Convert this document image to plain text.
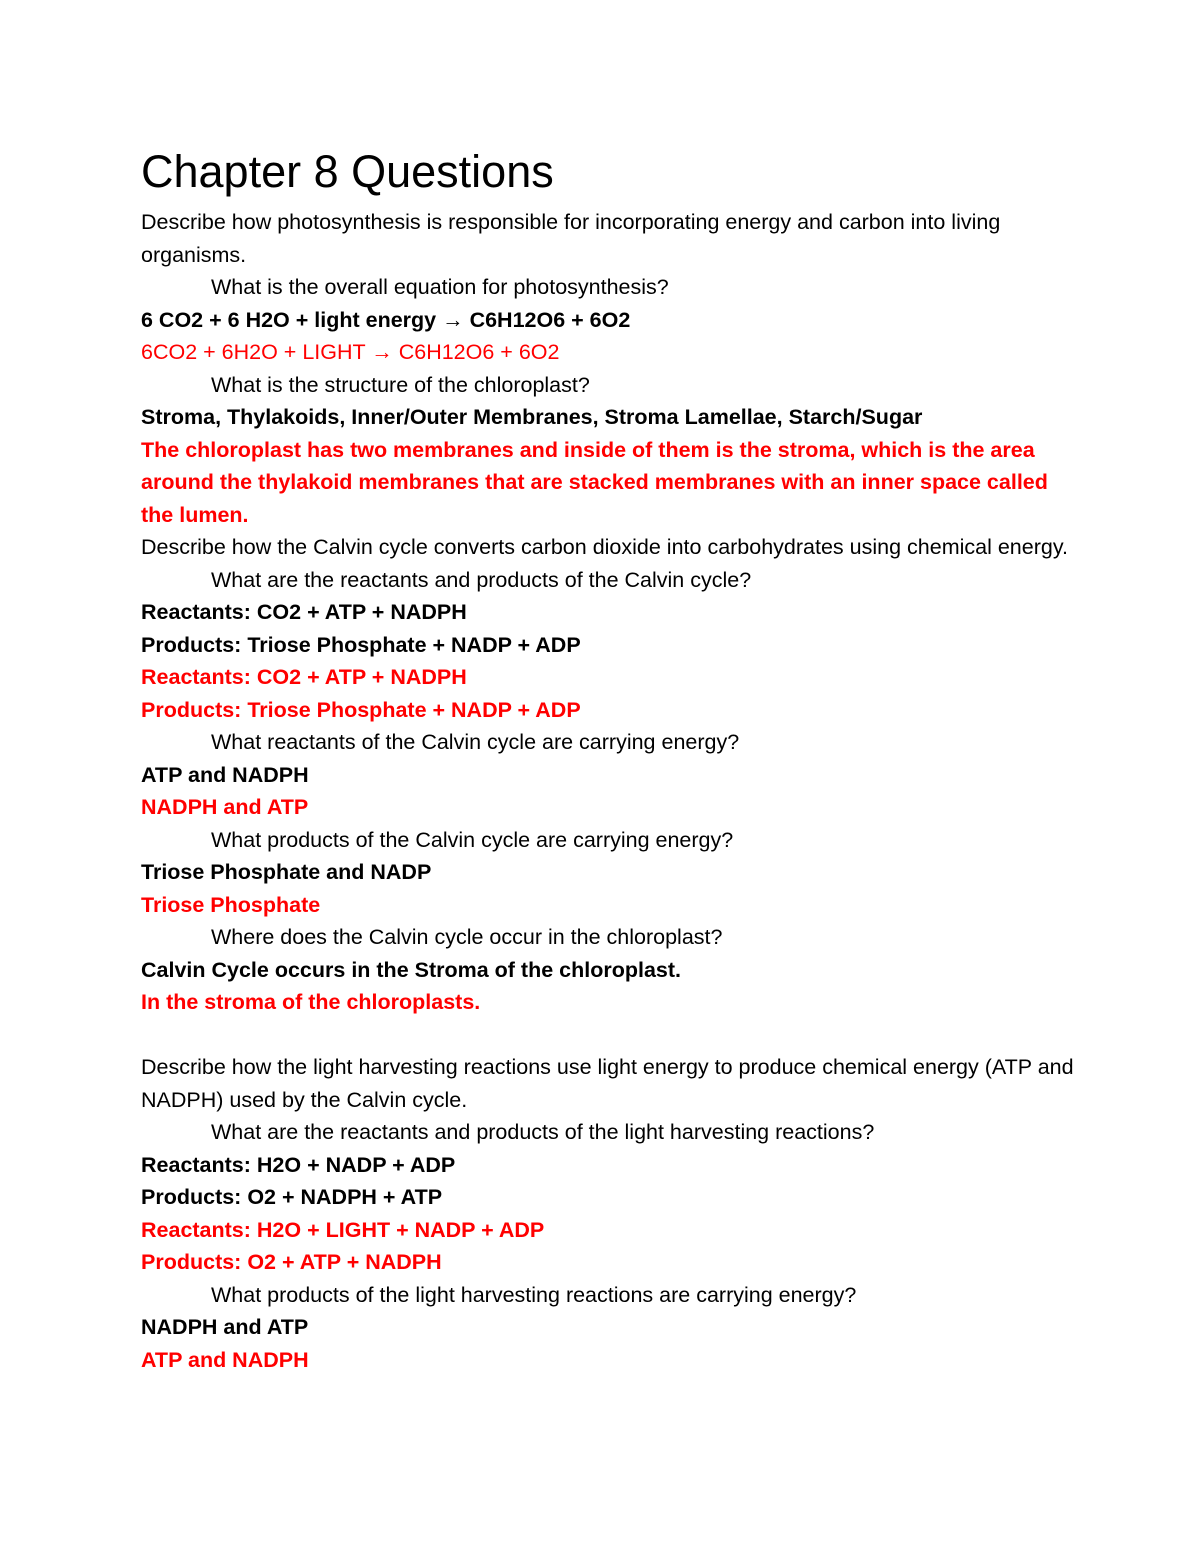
Chapter 8 Questions

Describe how photosynthesis is responsible for incorporating energy and carbon into living organisms.

What is the overall equation for photosynthesis?

6 CO2 + 6 H2O + light energy → C6H12O6 + 6O2

6CO2 + 6H2O + LIGHT → C6H12O6 + 6O2

What is the structure of the chloroplast?

Stroma, Thylakoids, Inner/Outer Membranes, Stroma Lamellae, Starch/Sugar

The chloroplast has two membranes and inside of them is the stroma, which is the area around the thylakoid membranes that are stacked membranes with an inner space called the lumen.

Describe how the Calvin cycle converts carbon dioxide into carbohydrates using chemical energy.

What are the reactants and products of the Calvin cycle?

Reactants: CO2 + ATP + NADPH

Products: Triose Phosphate + NADP + ADP

Reactants: CO2 + ATP + NADPH

Products: Triose Phosphate + NADP + ADP

What reactants of the Calvin cycle are carrying energy?

ATP and NADPH

NADPH and ATP

What products of the Calvin cycle are carrying energy?

Triose Phosphate and NADP

Triose Phosphate

Where does the Calvin cycle occur in the chloroplast?

Calvin Cycle occurs in the Stroma of the chloroplast.

In the stroma of the chloroplasts.

Describe how the light harvesting reactions use light energy to produce chemical energy (ATP and NADPH) used by the Calvin cycle.

What are the reactants and products of the light harvesting reactions?

Reactants: H2O + NADP + ADP

Products: O2 + NADPH + ATP

Reactants: H2O + LIGHT + NADP + ADP

Products: O2 + ATP + NADPH

What products of the light harvesting reactions are carrying energy?

NADPH and ATP

ATP and NADPH
